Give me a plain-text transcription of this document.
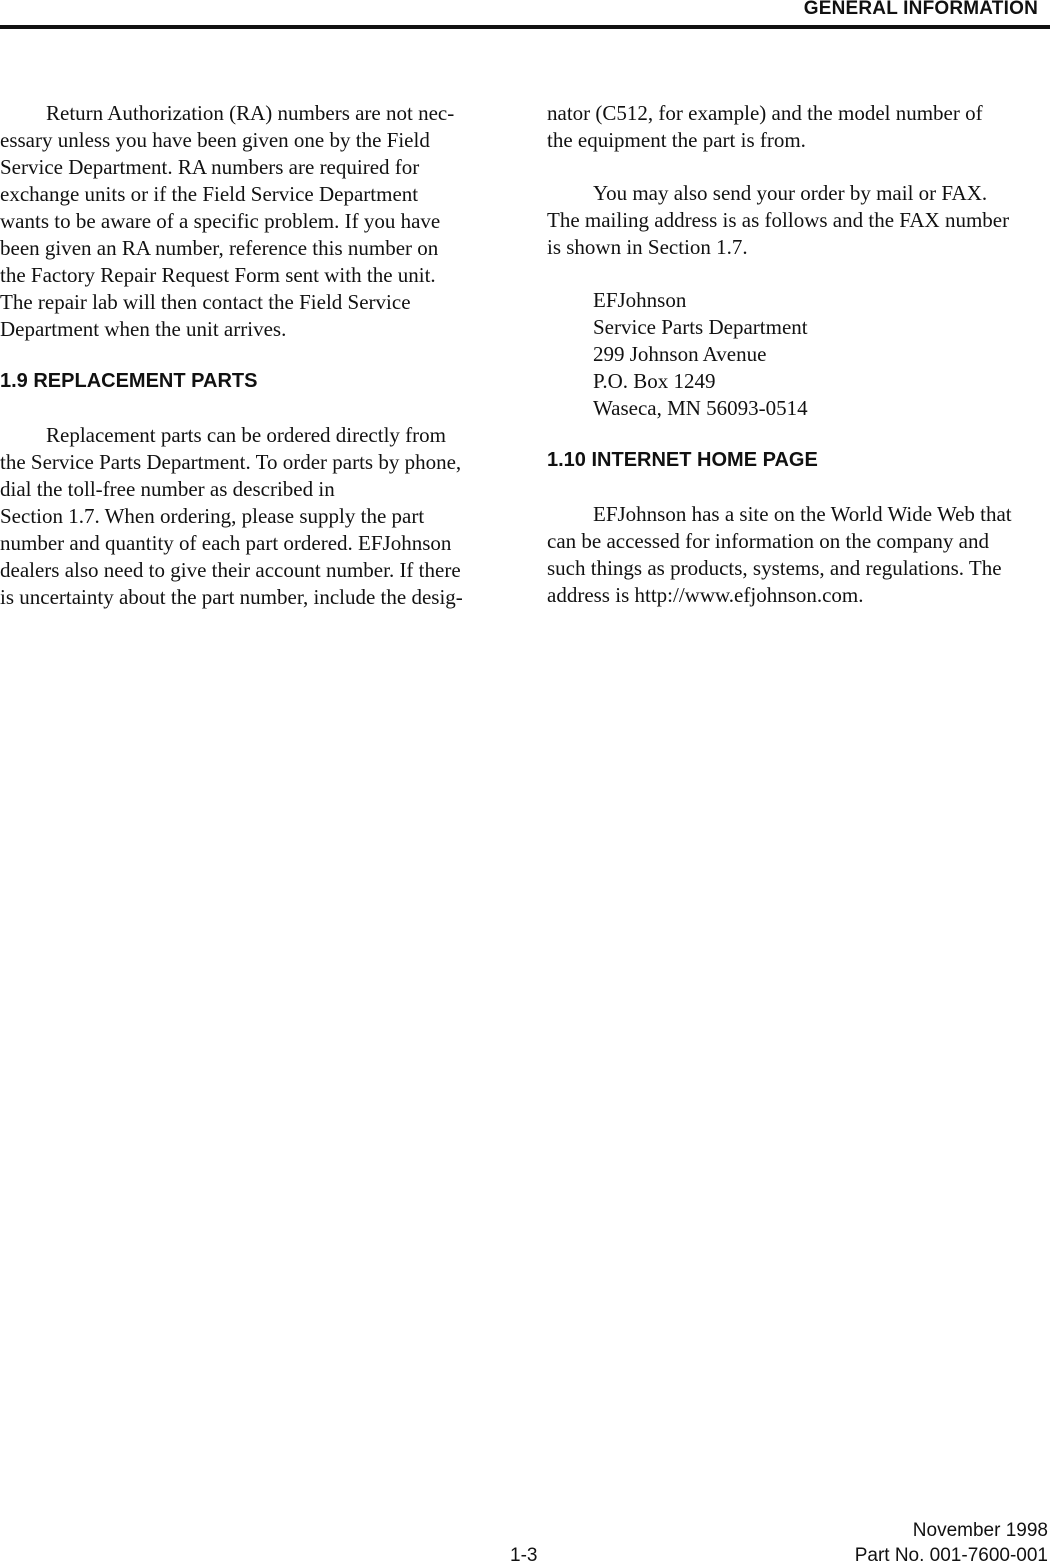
GENERAL INFORMATION

Return Authorization (RA) numbers are not nec-
essary unless you have been given one by the Field
Service Department. RA numbers are required for
exchange units or if the Field Service Department
wants to be aware of a specific problem. If you have
been given an RA number, reference this number on
the Factory Repair Request Form sent with the unit.
The repair lab will then contact the Field Service
Department when the unit arrives.

1.9 REPLACEMENT PARTS

Replacement parts can be ordered directly from
the Service Parts Department. To order parts by phone,
dial the toll-free number as described in
Section 1.7. When ordering, please supply the part
number and quantity of each part ordered. EFJohnson
dealers also need to give their account number. If there
is uncertainty about the part number, include the desig-

nator (C512, for example) and the model number of
the equipment the part is from.

You may also send your order by mail or FAX.
The mailing address is as follows and the FAX number
is shown in Section 1.7.

EFJohnson
Service Parts Department
299 Johnson Avenue
P.O. Box 1249
Waseca, MN 56093-0514
1.10 INTERNET HOME PAGE

EFJohnson has a site on the World Wide Web that
can be accessed for information on the company and
such things as products, systems, and regulations. The
address is http://www.efjohnson.com.

November 1998
1-3	Part No. 001-7600-001
